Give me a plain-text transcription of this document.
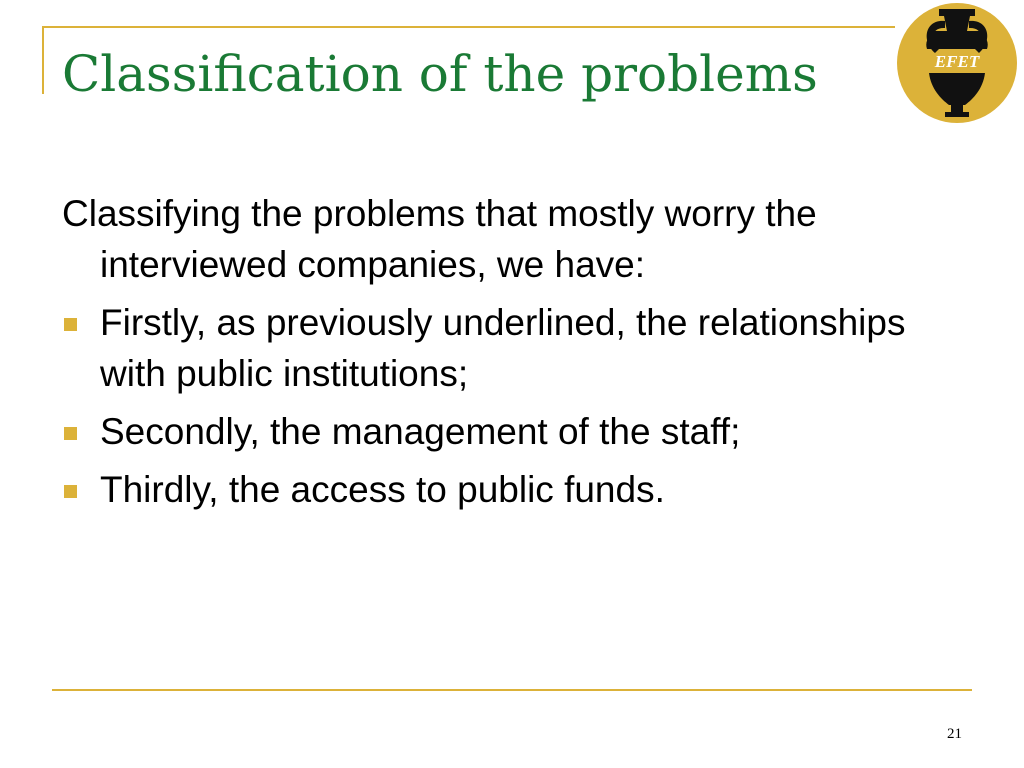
Classification of the problems	EFET

Classifying the problems that mostly worry the interviewed companies, we have:

Firstly, as previously underlined, the relationships with public institutions;
Secondly, the management of the staff;
Thirdly, the access to public funds.
21
